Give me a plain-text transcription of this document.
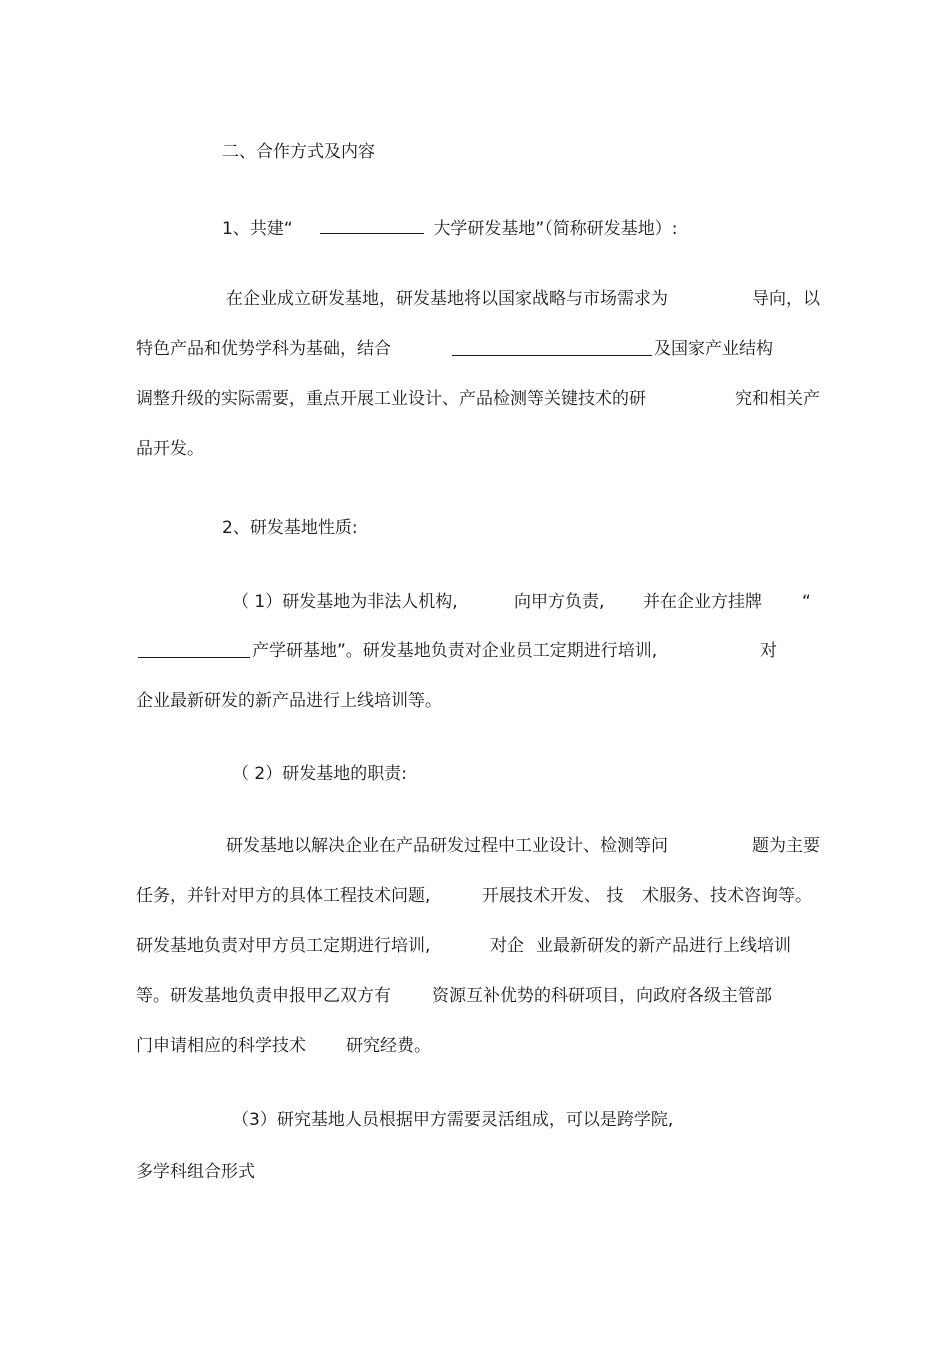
二、合作方式及内容
1、共建“	大学研发基地”（简称研发基地）:
在企业成立研发基地，研发基地将以国家战略与市场需求为	导向，以
特色产品和优势学科为基础，结合	及国家产业结构
调整升级的实际需要，重点开展工业设计、产品检测等关键技术的研	究和相关产
品开发。
2、研发基地性质:
（ 1）研发基地为非法人机构,	向甲方负责, 并在企业方挂牌 “
产学研基地”。研发基地负责对企业员工定期进行培训,	对
企业最新研发的新产品进行上线培训等。
（ 2）研发基地的职责:
研发基地以解决企业在产品研发过程中工业设计、检测等问	题为主要
任务，并针对甲方的具体工程技术问题,	开展技术开发、 技 术服务、技术咨询等。
研发基地负责对甲方员工定期进行培训,	对企 业最新研发的新产品进行上线培训
等。研发基地负责申报甲乙双方有 资源互补优势的科研项目，向政府各级主管部
门申请相应的科学技术 研究经费。
（3）研究基地人员根据甲方需要灵活组成，可以是跨学院,
多学科组合形式
